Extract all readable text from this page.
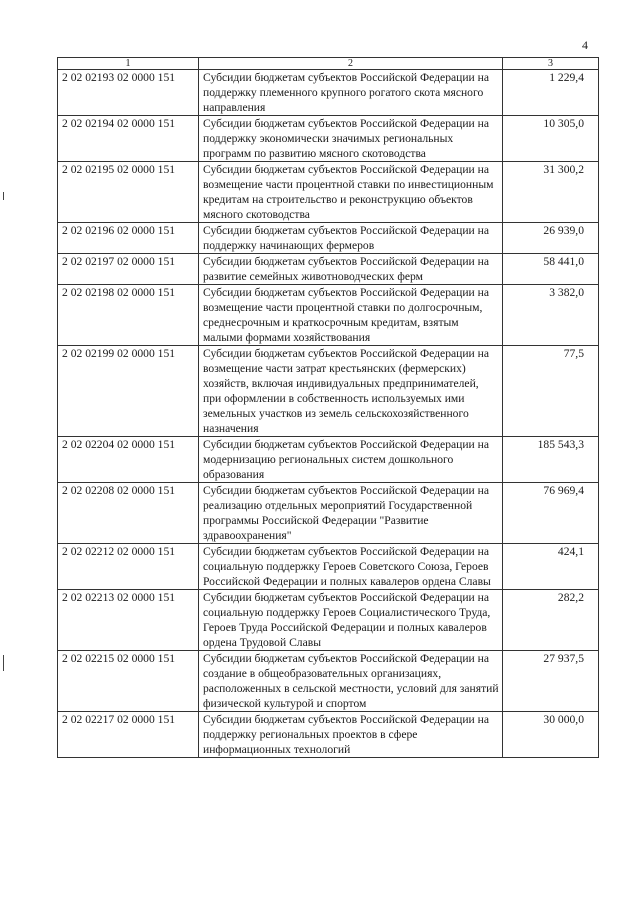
4
1	2	3
2 02 02193 02 0000 151	Субсидии бюджетам субъектов Российской Федерации на поддержку племенного крупного рогатого скота мясного направления	1 229,4
2 02 02194 02 0000 151	Субсидии бюджетам субъектов Российской Федерации на поддержку экономически значимых региональных программ по развитию мясного скотоводства	10 305,0
2 02 02195 02 0000 151	Субсидии бюджетам субъектов Российской Федерации на возмещение части процентной ставки по инвестиционным кредитам на строительство и реконструкцию объектов мясного скотоводства	31 300,2
2 02 02196 02 0000 151	Субсидии бюджетам субъектов Российской Федерации на поддержку начинающих фермеров	26 939,0
2 02 02197 02 0000 151	Субсидии бюджетам субъектов Российской Федерации на развитие семейных животноводческих ферм	58 441,0
2 02 02198 02 0000 151	Субсидии бюджетам субъектов Российской Федерации на возмещение части процентной ставки по долгосрочным, среднесрочным и краткосрочным кредитам, взятым малыми формами хозяйствования	3 382,0
2 02 02199 02 0000 151	Субсидии бюджетам субъектов Российской Федерации на возмещение части затрат крестьянских (фермерских) хозяйств, включая индивидуальных предпринимателей, при оформлении в собственность используемых ими земельных участков из земель сельскохозяйственного назначения	77,5
2 02 02204 02 0000 151	Субсидии бюджетам субъектов Российской Федерации на модернизацию региональных систем дошкольного образования	185 543,3
2 02 02208 02 0000 151	Субсидии бюджетам субъектов Российской Федерации на реализацию отдельных мероприятий Государственной программы Российской Федерации "Развитие здравоохранения"	76 969,4
2 02 02212 02 0000 151	Субсидии бюджетам субъектов Российской Федерации на социальную поддержку Героев Советского Союза, Героев Российской Федерации и полных кавалеров ордена Славы	424,1
2 02 02213 02 0000 151	Субсидии бюджетам субъектов Российской Федерации на социальную поддержку Героев Социалистического Труда, Героев Труда Российской Федерации и полных кавалеров ордена Трудовой Славы	282,2
2 02 02215 02 0000 151	Субсидии бюджетам субъектов Российской Федерации на создание в общеобразовательных организациях, расположенных в сельской местности, условий для занятий физической культурой и спортом	27 937,5
2 02 02217 02 0000 151	Субсидии бюджетам субъектов Российской Федерации на поддержку региональных проектов в сфере информационных технологий	30 000,0
